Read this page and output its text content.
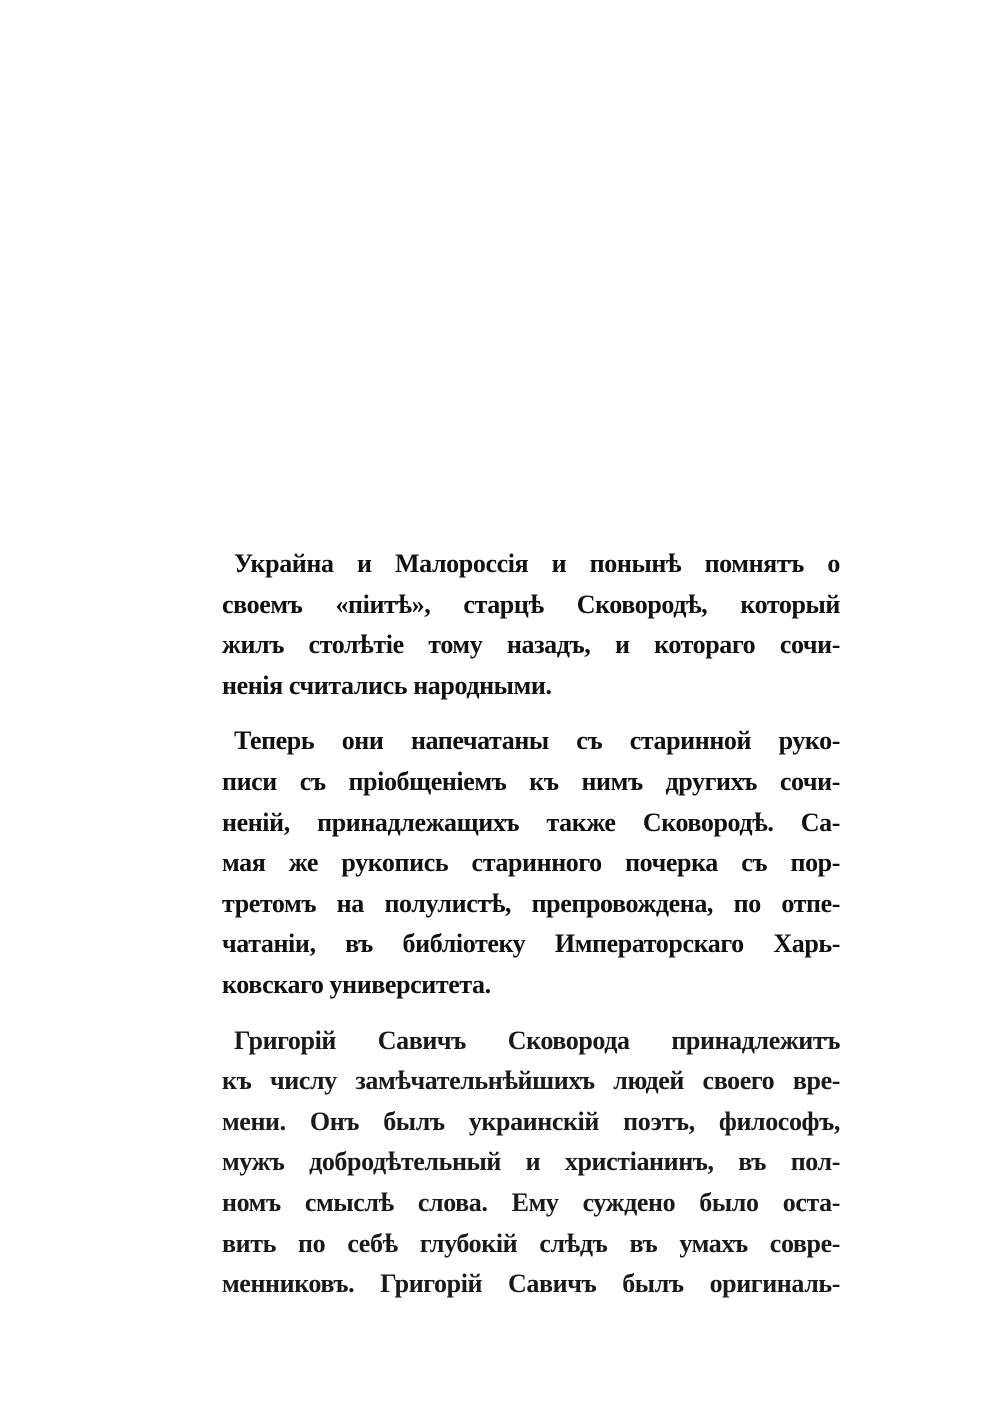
Украйна и Малороссія и понынѣ помнятъ о
своемъ «піитѣ», старцѣ Сковородѣ, который
жилъ столѣтіе тому назадъ, и котораго сочи-
ненія считались народными.
Теперь они напечатаны съ старинной руко-
писи съ пріобщеніемъ къ нимъ другихъ сочи-
неній, принадлежащихъ также Сковородѣ. Са-
мая же рукопись старинного почерка съ пор-
третомъ на полулистѣ, препровождена, по отпе-
чатаніи, въ библіотеку Императорскаго Харь-
ковскаго университета.
Григорій Савичъ Сковорода принадлежитъ
къ числу замѣчательнѣйшихъ людей своего вре-
мени. Онъ былъ украинскій поэтъ, философъ,
мужъ добродѣтельный и христіанинъ, въ пол-
номъ смыслѣ слова. Ему суждено было оста-
вить по себѣ глубокій слѣдъ въ умахъ совре-
менниковъ. Григорій Савичъ былъ оригиналь-
